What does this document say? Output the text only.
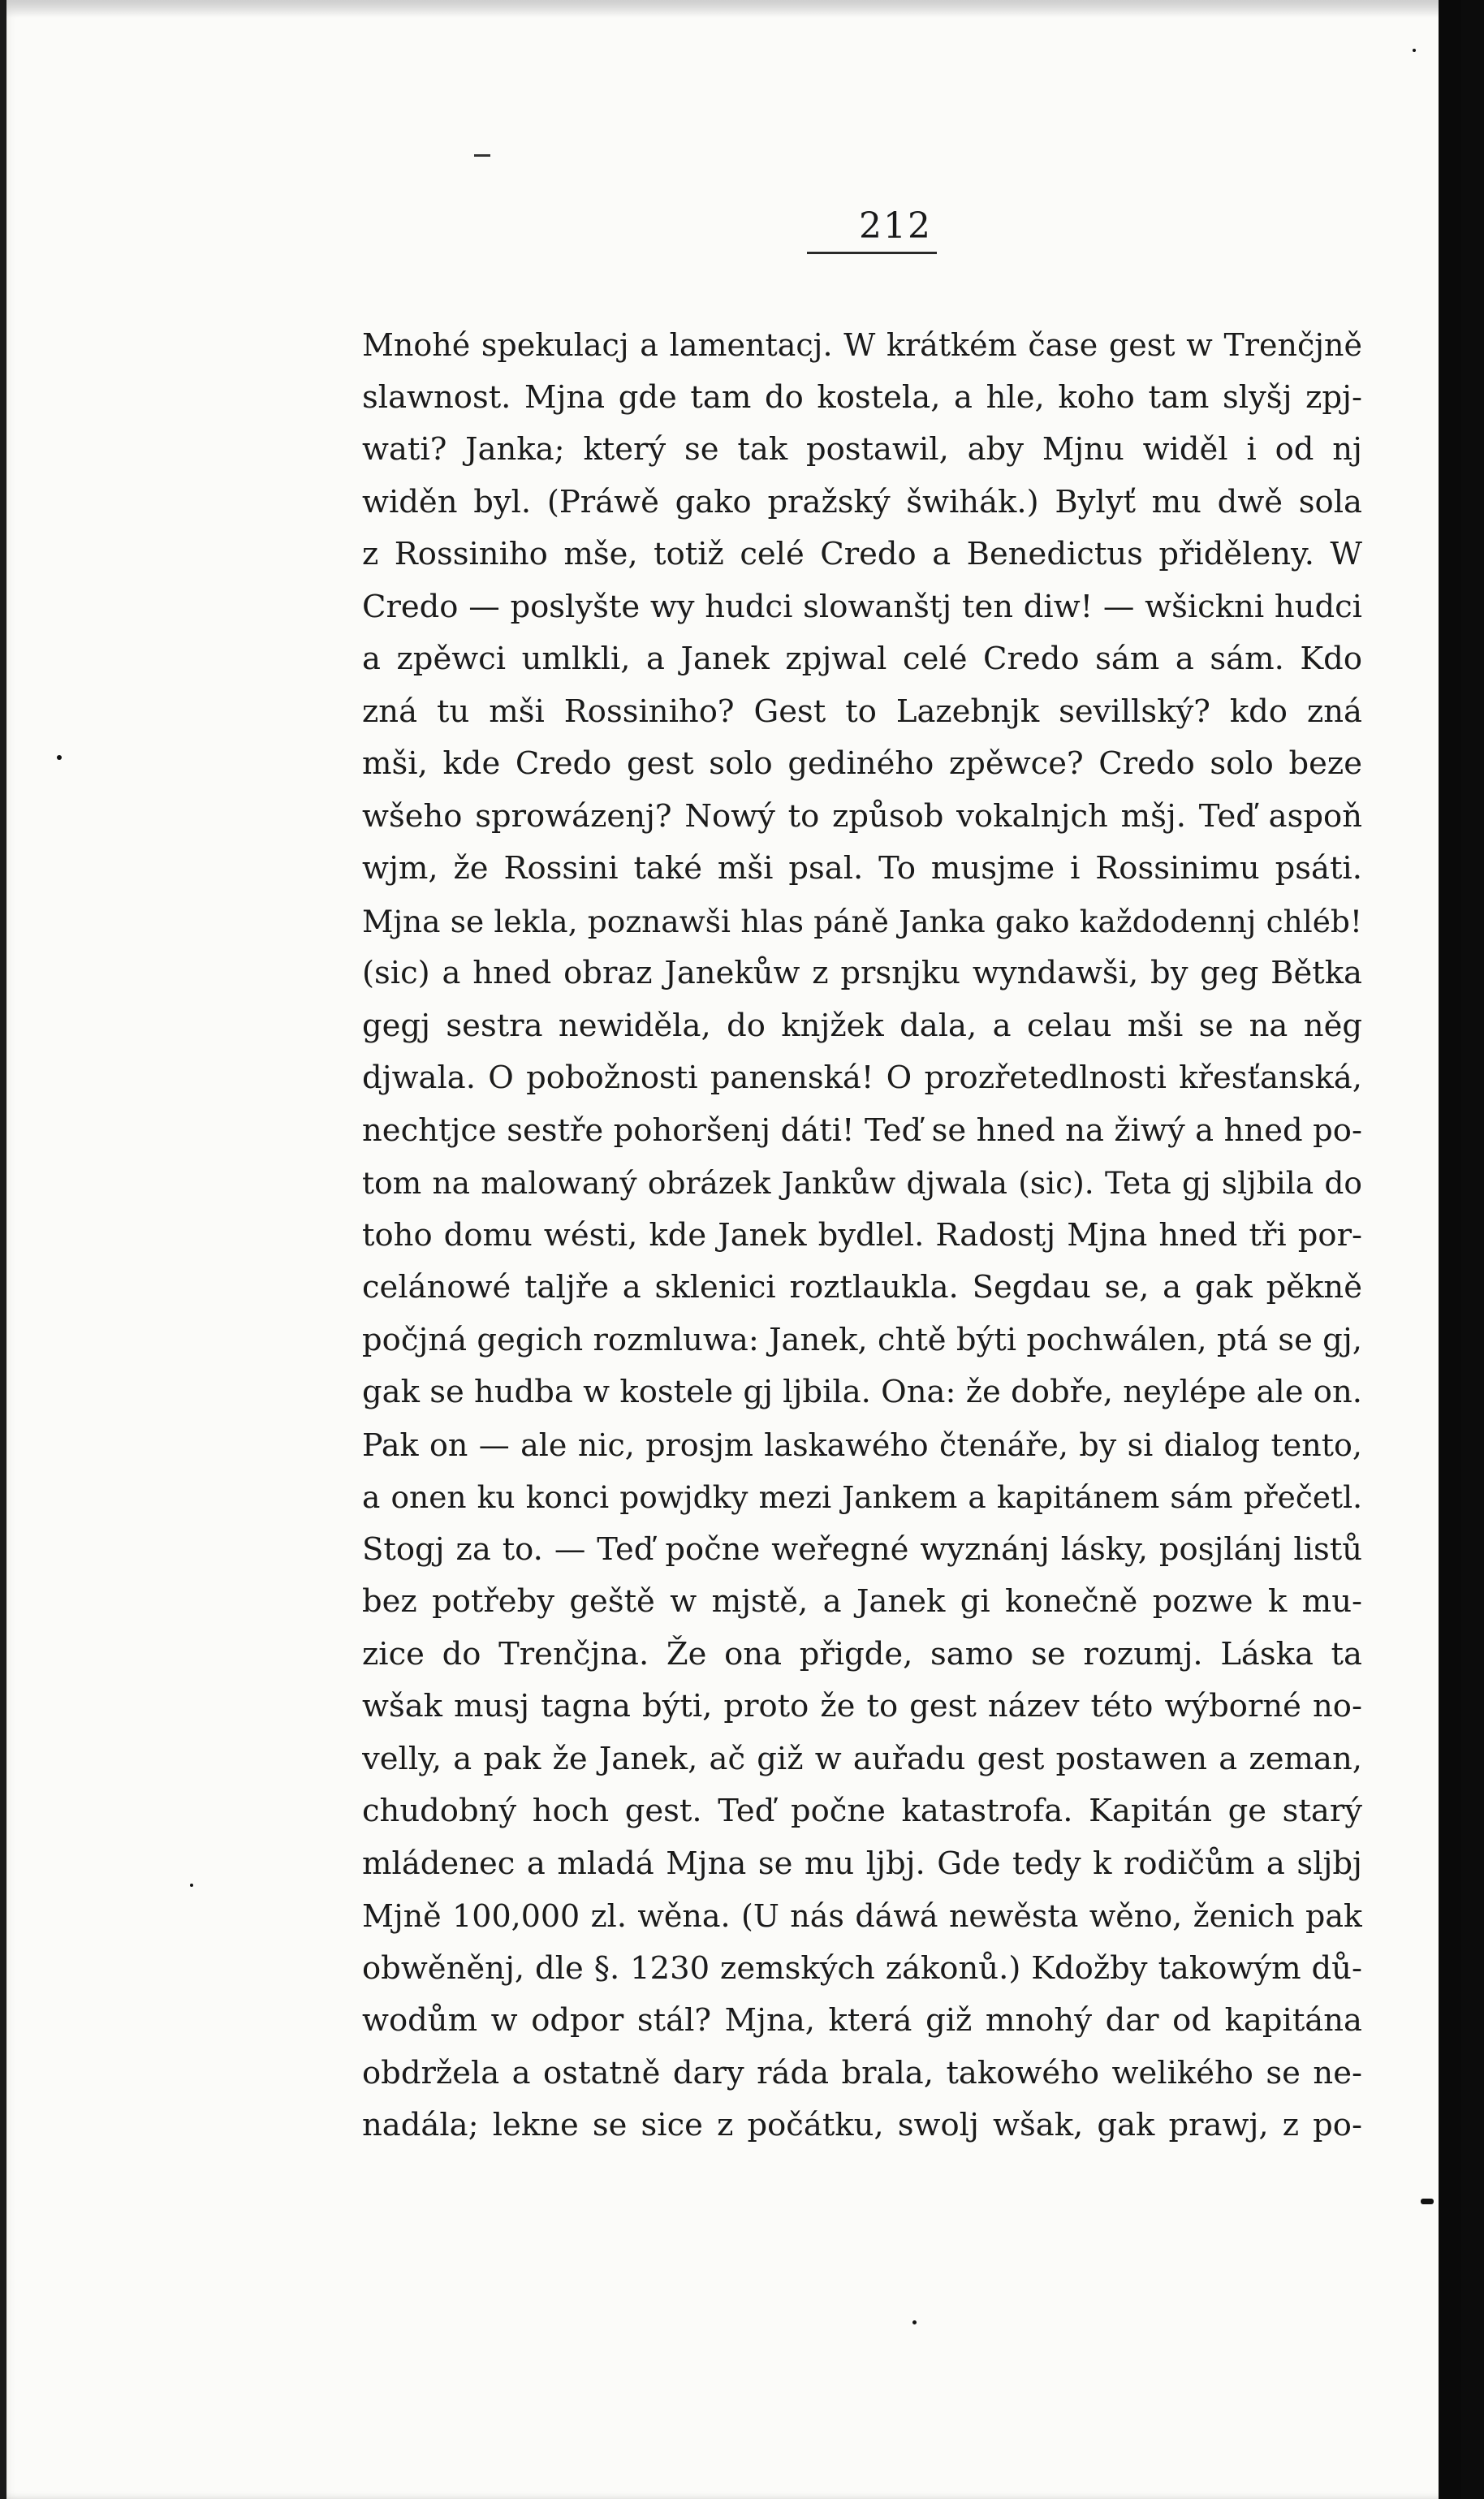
212
Mnohé spekulacj a lamentacj. W krátkém čase gest w Trenčjně
slawnost. Mjna gde tam do kostela, a hle, koho tam slyšj zpj-
wati? Janka; který se tak postawil, aby Mjnu widěl i od nj
widěn byl. (Práwě gako pražský šwihák.) Bylyť mu dwě sola
z Rossiniho mše, totiž celé Credo a Benedictus přiděleny. W
Credo — poslyšte wy hudci slowanštj ten diw! — wšickni hudci
a zpěwci umlkli, a Janek zpjwal celé Credo sám a sám. Kdo
zná tu mši Rossiniho? Gest to Lazebnjk sevillský? kdo zná
mši, kde Credo gest solo gediného zpěwce? Credo solo beze
wšeho sprowázenj? Nowý to způsob vokalnjch mšj. Teď aspoň
wjm, že Rossini také mši psal. To musjme i Rossinimu psáti.
Mjna se lekla, poznawši hlas páně Janka gako každodennj chléb!
(sic) a hned obraz Janekůw z prsnjku wyndawši, by geg Bětka
gegj sestra newiděla, do knjžek dala, a celau mši se na něg
djwala. O pobožnosti panenská! O prozřetedlnosti křesťanská,
nechtjce sestře pohoršenj dáti! Teď se hned na žiwý a hned po-
tom na malowaný obrázek Jankůw djwala (sic). Teta gj sljbila do
toho domu wésti, kde Janek bydlel. Radostj Mjna hned tři por-
celánowé taljře a sklenici roztlaukla. Segdau se, a gak pěkně
počjná gegich rozmluwa: Janek, chtě býti pochwálen, ptá se gj,
gak se hudba w kostele gj ljbila. Ona: že dobře, neylépe ale on.
Pak on — ale nic, prosjm laskawého čtenáře, by si dialog tento,
a onen ku konci powjdky mezi Jankem a kapitánem sám přečetl.
Stogj za to. — Teď počne wеřegné wyznánj lásky, posjlánj listů
bez potřeby geště w mjstě, a Janek gi konečně pozwe k mu-
zice do Trenčjna. Že ona přigde, samo se rozumj. Láska ta
wšak musj tagna býti, proto že to gest název této wýborné no-
velly, a pak že Janek, ač giž w auřadu gest postawen a zeman,
chudobný hoch gest. Teď počne katastrofa. Kapitán ge starý
mládenec a mladá Mjna se mu ljbj. Gde tedy k rodičům a sljbj
Mjně 100,000 zl. wěna. (U nás dáwá newěsta wěno, ženich pak
obwěněnj, dle §. 1230 zemských zákonů.) Kdožby takowým dů-
wodům w odpor stál? Mjna, která giž mnohý dar od kapitána
obdržela a ostatně dary ráda brala, takowého welikého se ne-
nadála; lekne se sice z počátku, swolj wšak, gak prawj, z po-
